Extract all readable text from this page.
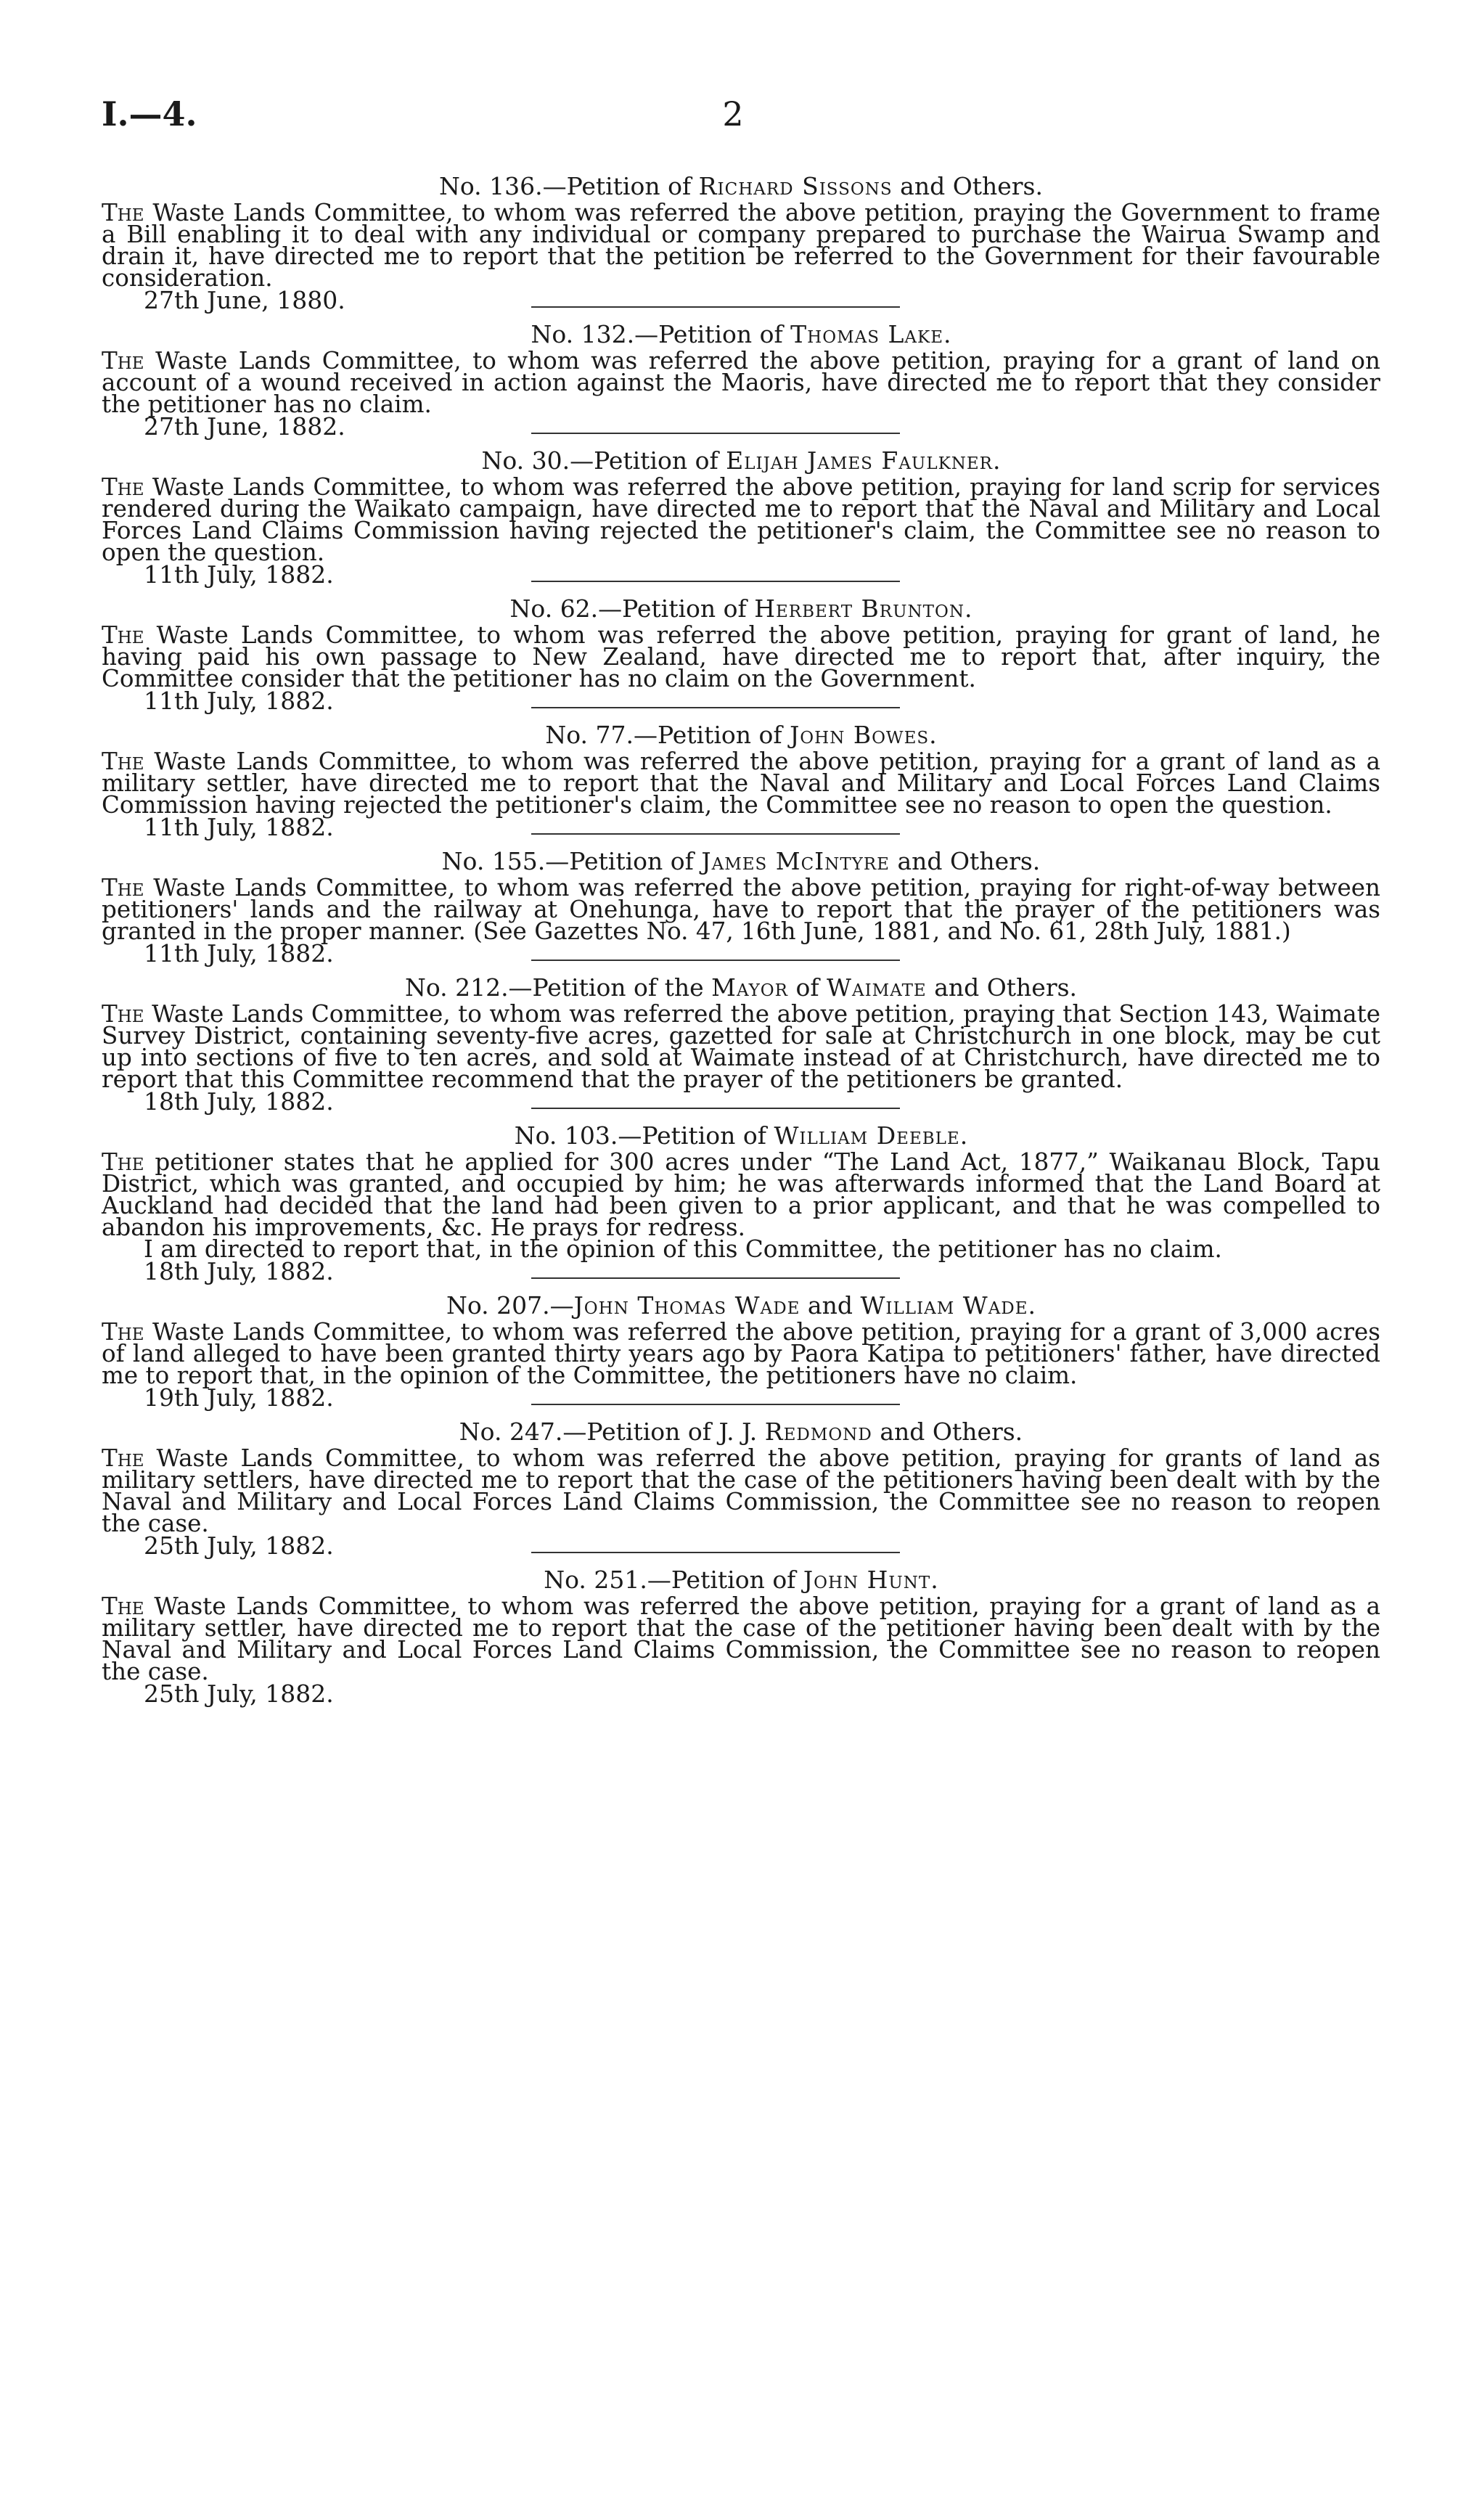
I.—4.	2
No. 136.—Petition of Richard Sissons and Others.

The Waste Lands Committee, to whom was referred the above petition, praying the Government to frame a Bill enabling it to deal with any individual or company prepared to purchase the Wairua Swamp and drain it, have directed me to report that the petition be referred to the Government for their favourable consideration.

27th June, 1880.
No. 132.—Petition of Thomas Lake.

The Waste Lands Committee, to whom was referred the above petition, praying for a grant of land on account of a wound received in action against the Maoris, have directed me to report that they consider the petitioner has no claim.

27th June, 1882.
No. 30.—Petition of Elijah James Faulkner.

The Waste Lands Committee, to whom was referred the above petition, praying for land scrip for services rendered during the Waikato campaign, have directed me to report that the Naval and Military and Local Forces Land Claims Commission having rejected the petitioner's claim, the Committee see no reason to open the question.

11th July, 1882.
No. 62.—Petition of Herbert Brunton.

The Waste Lands Committee, to whom was referred the above petition, praying for grant of land, he having paid his own passage to New Zealand, have directed me to report that, after inquiry, the Committee consider that the petitioner has no claim on the Government.

11th July, 1882.
No. 77.—Petition of John Bowes.

The Waste Lands Committee, to whom was referred the above petition, praying for a grant of land as a military settler, have directed me to report that the Naval and Military and Local Forces Land Claims Commission having rejected the petitioner's claim, the Committee see no reason to open the question.

11th July, 1882.
No. 155.—Petition of James McIntyre and Others.

The Waste Lands Committee, to whom was referred the above petition, praying for right-of-way between petitioners' lands and the railway at Onehunga, have to report that the prayer of the petitioners was granted in the proper manner. (See Gazettes No. 47, 16th June, 1881, and No. 61, 28th July, 1881.)

11th July, 1882.
No. 212.—Petition of the Mayor of Waimate and Others.

The Waste Lands Committee, to whom was referred the above petition, praying that Section 143, Waimate Survey District, containing seventy-five acres, gazetted for sale at Christchurch in one block, may be cut up into sections of five to ten acres, and sold at Waimate instead of at Christchurch, have directed me to report that this Committee recommend that the prayer of the petitioners be granted.

18th July, 1882.
No. 103.—Petition of William Deeble.

The petitioner states that he applied for 300 acres under “The Land Act, 1877,” Waikanau Block, Tapu District, which was granted, and occupied by him; he was afterwards informed that the Land Board at Auckland had decided that the land had been given to a prior applicant, and that he was compelled to abandon his improvements, &c. He prays for redress.

I am directed to report that, in the opinion of this Committee, the petitioner has no claim.

18th July, 1882.
No. 207.—John Thomas Wade and William Wade.

The Waste Lands Committee, to whom was referred the above petition, praying for a grant of 3,000 acres of land alleged to have been granted thirty years ago by Paora Katipa to petitioners' father, have directed me to report that, in the opinion of the Committee, the petitioners have no claim.

19th July, 1882.
No. 247.—Petition of J. J. Redmond and Others.

The Waste Lands Committee, to whom was referred the above petition, praying for grants of land as military settlers, have directed me to report that the case of the petitioners having been dealt with by the Naval and Military and Local Forces Land Claims Commission, the Committee see no reason to reopen the case.

25th July, 1882.
No. 251.—Petition of John Hunt.

The Waste Lands Committee, to whom was referred the above petition, praying for a grant of land as a military settler, have directed me to report that the case of the petitioner having been dealt with by the Naval and Military and Local Forces Land Claims Commission, the Committee see no reason to reopen the case.

25th July, 1882.
